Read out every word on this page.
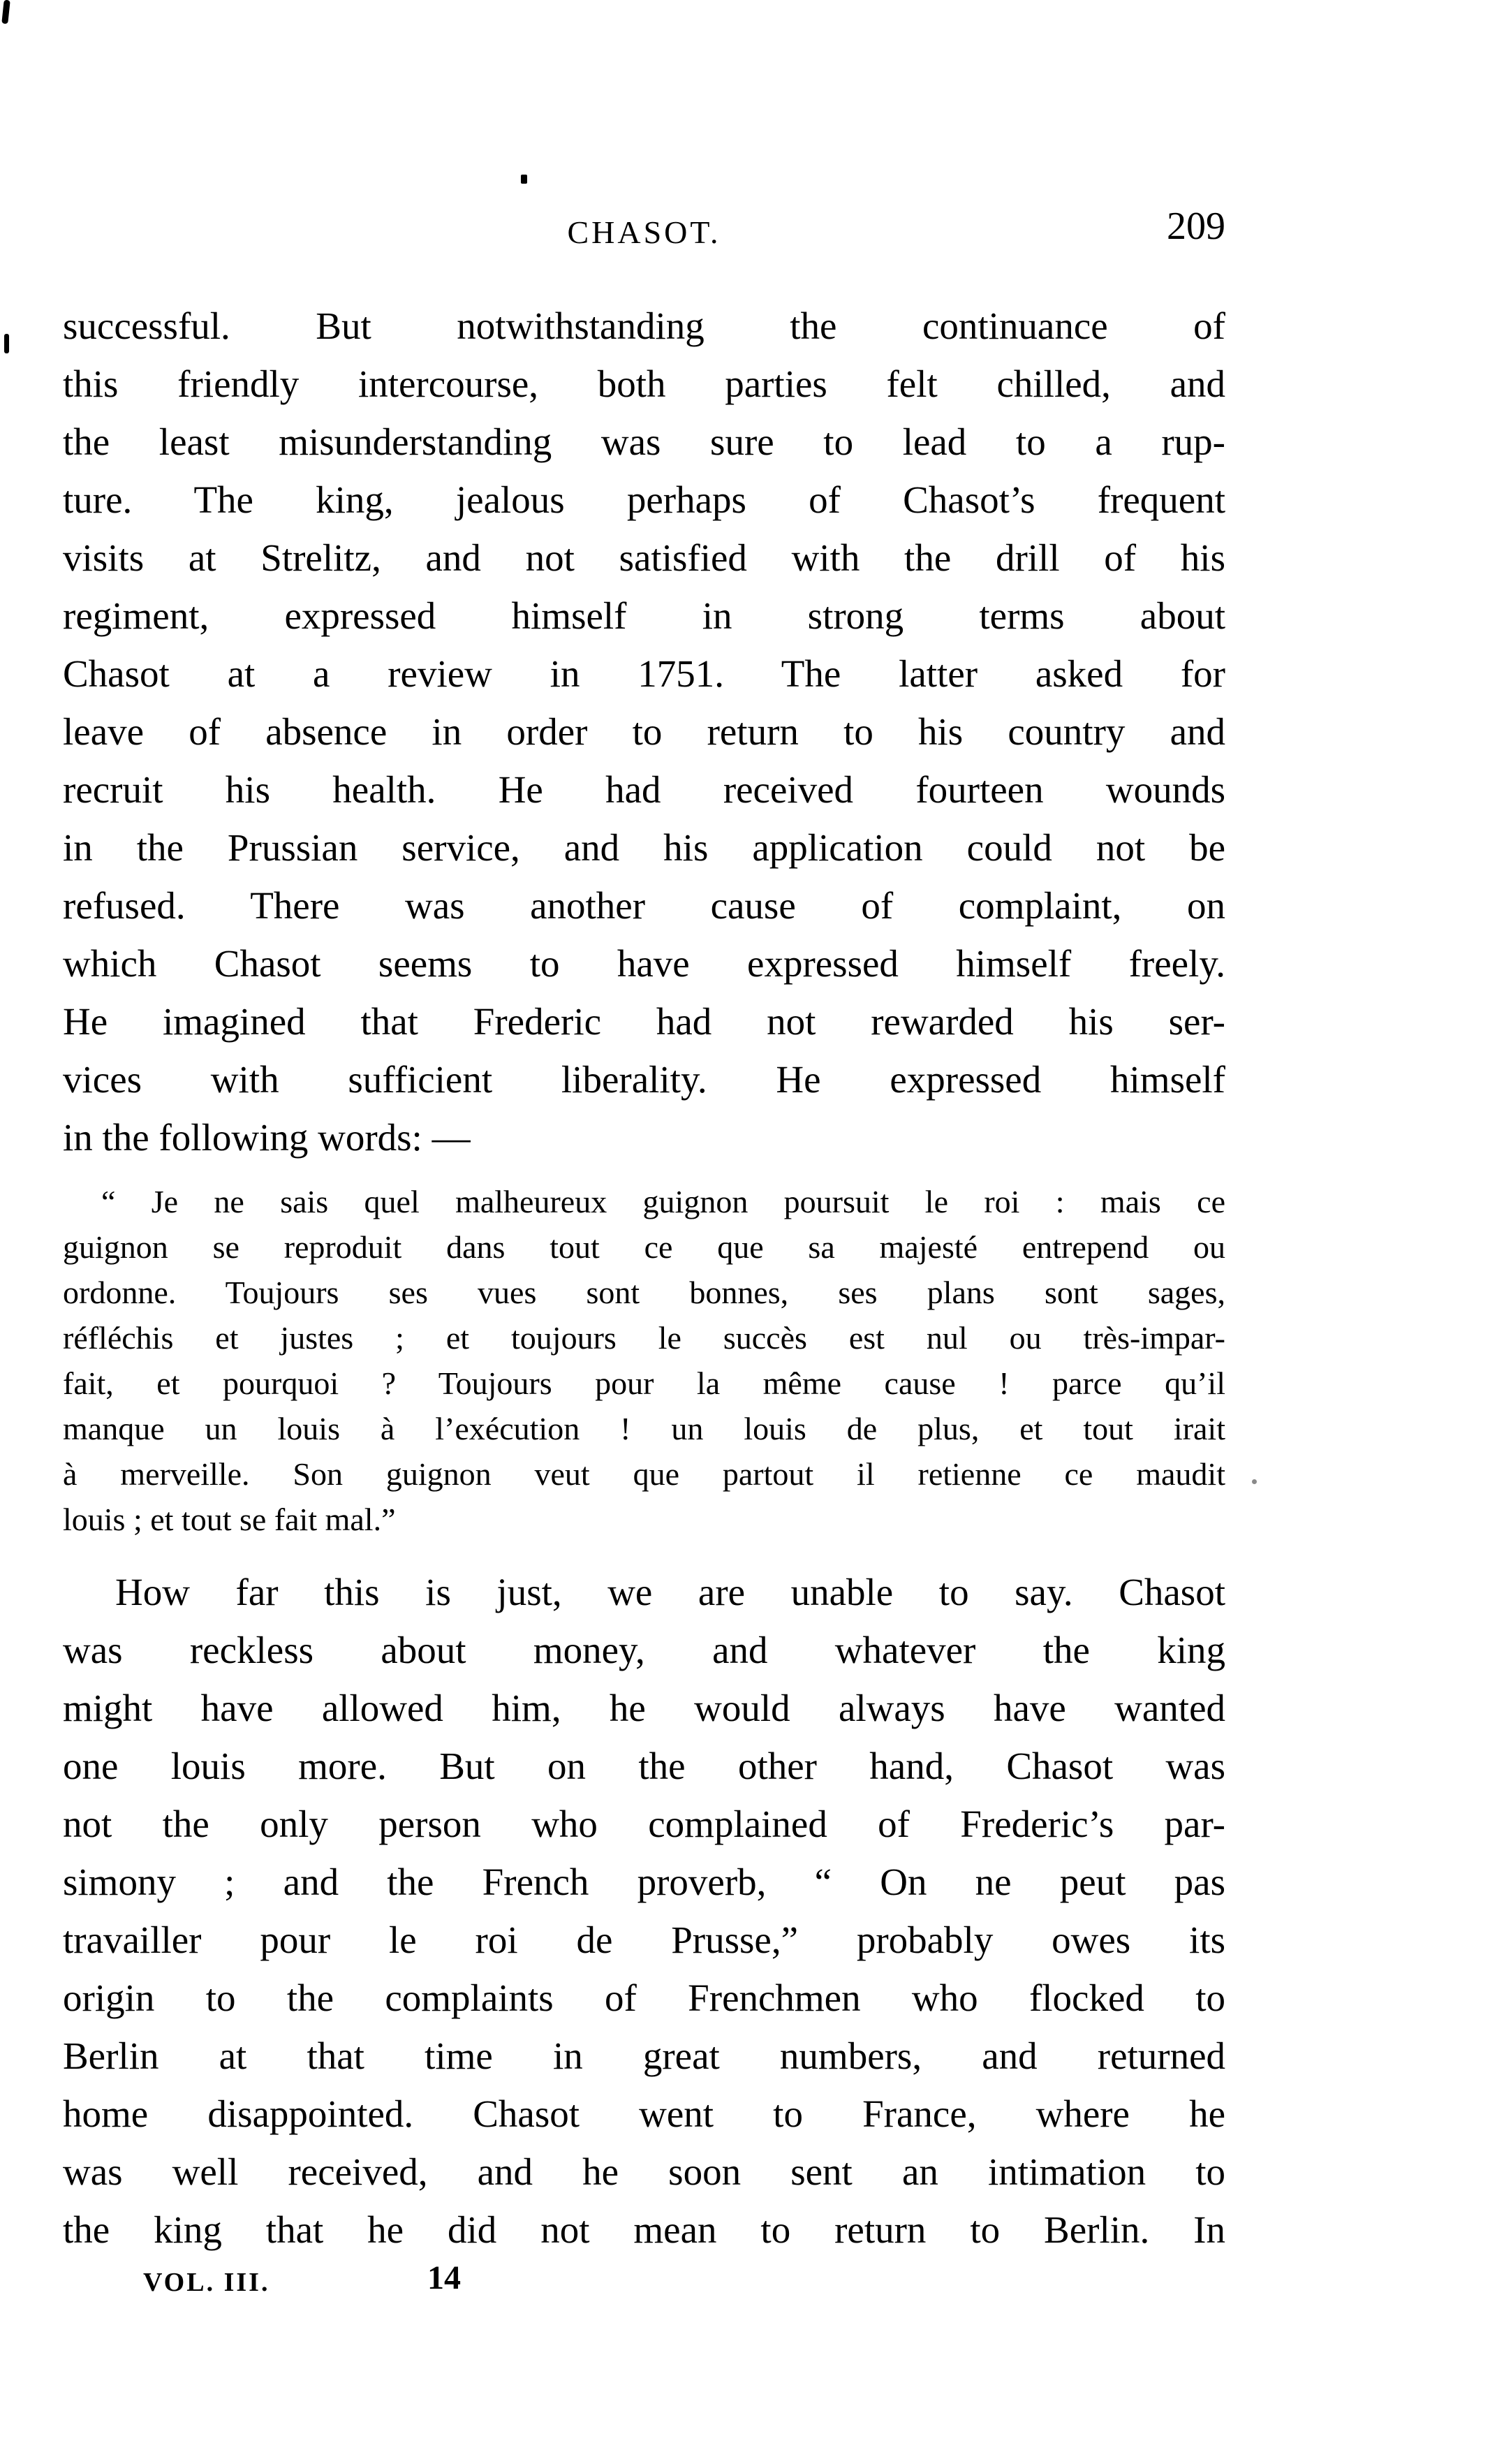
CHASOT.	209
successful. But notwithstanding the continuance of
this friendly intercourse, both parties felt chilled, and
the least misunderstanding was sure to lead to a rup-
ture. The king, jealous perhaps of Chasot’s frequent
visits at Strelitz, and not satisfied with the drill of his
regiment, expressed himself in strong terms about
Chasot at a review in 1751. The latter asked for
leave of absence in order to return to his country and
recruit his health. He had received fourteen wounds
in the Prussian service, and his application could not be
refused. There was another cause of complaint, on
which Chasot seems to have expressed himself freely.
He imagined that Frederic had not rewarded his ser-
vices with sufficient liberality. He expressed himself
in the following words: —
“ Je ne sais quel malheureux guignon poursuit le roi : mais ce
guignon se reproduit dans tout ce que sa majesté entrepend ou
ordonne. Toujours ses vues sont bonnes, ses plans sont sages,
réfléchis et justes ; et toujours le succès est nul ou très-impar-
fait, et pourquoi ? Toujours pour la même cause ! parce qu’il
manque un louis à l’exécution ! un louis de plus, et tout irait
à merveille. Son guignon veut que partout il retienne ce maudit
louis ; et tout se fait mal.”
How far this is just, we are unable to say. Chasot
was reckless about money, and whatever the king
might have allowed him, he would always have wanted
one louis more. But on the other hand, Chasot was
not the only person who complained of Frederic’s par-
simony ; and the French proverb, “ On ne peut pas
travailler pour le roi de Prusse,” probably owes its
origin to the complaints of Frenchmen who flocked to
Berlin at that time in great numbers, and returned
home disappointed. Chasot went to France, where he
was well received, and he soon sent an intimation to
the king that he did not mean to return to Berlin. In
VOL. III.	14
